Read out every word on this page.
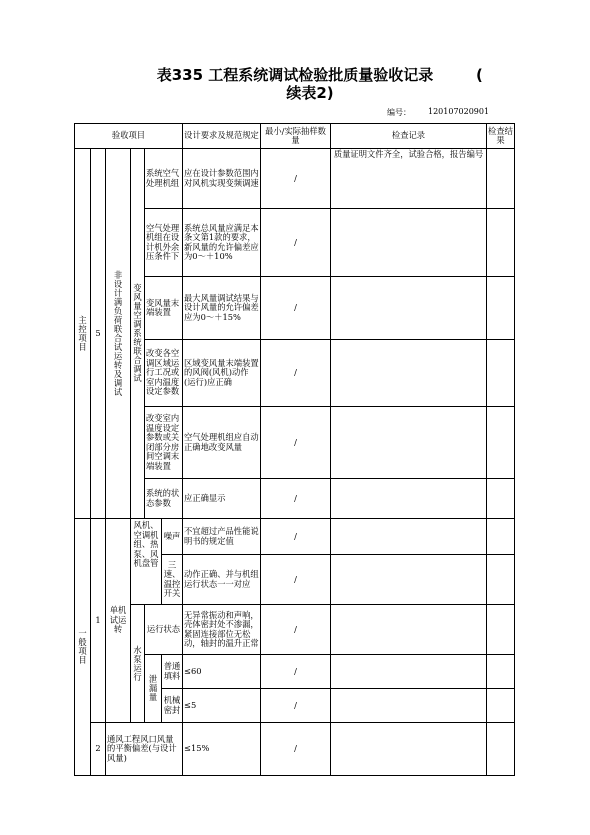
表335 工程系统调试检验批质量验收记录	(
续表2)
编号： 120107020901
验收项目						设计要求及规范规定	最小/实际抽样数量	检查记录	检查结果
主控项目	5	非设计满负荷联合试运转及调试	变风量空调系统联合调试	系统空气处理机组		应在设计参数范围内对风机实现变频调速	/	质量证明文件齐全，试验合格，报告编号	
				空气处理机组在设计机外余压条件下		系统总风量应满足本条文第1款的要求，新风量的允许偏差应为0～＋10%	/		
				变风量末端装置		最大风量调试结果与设计风量的允许偏差应为0～＋15%	/		
				改变各空调区域运行工况或室内温度设定参数		区域变风量末端装置的风阀(风机)动作(运行)应正确	/		
				改变室内温度设定参数或关闭部分房间空调末端装置		空气处理机组应自动正确地改变风量	/		
				系统的状态参数		应正确显示	/		
一般项目	1	单机试运转	风机、空调机组、热泵、风机盘管		噪声	不宜超过产品性能说明书的规定值	/		
					三速、温控开关	动作正确、并与机组运行状态一一对应	/		
			水泵运行	运行状态		无异常振动和声响，壳体密封处不渗漏，紧固连接部位无松动，轴封的温升正常	/		
				泄漏量	普通填料	≤60	/		
					机械密封	≤5	/		
	2	通风工程风口风量的平衡偏差(与设计风量)				≤15%	/		
